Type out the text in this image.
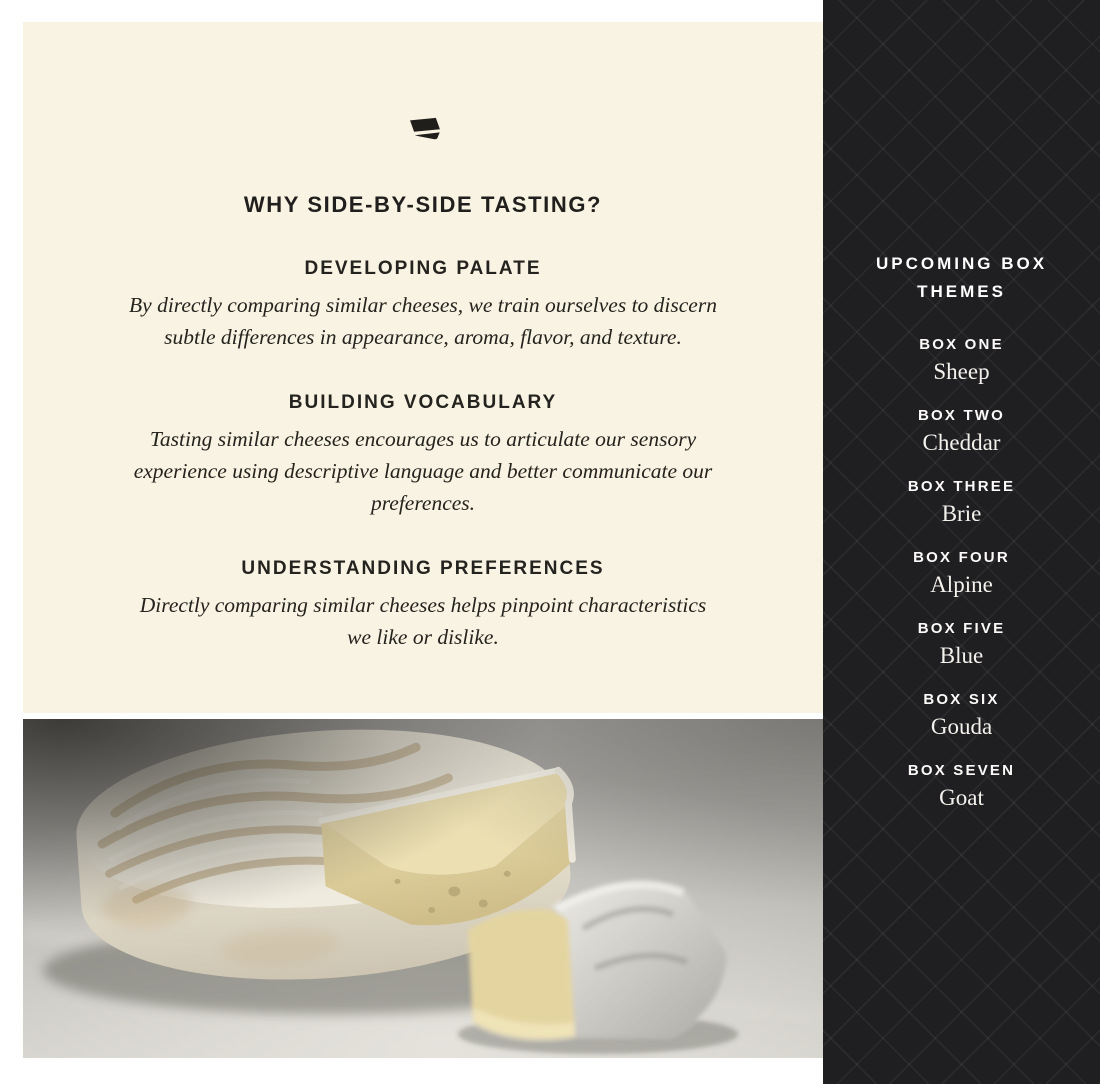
WHY SIDE-BY-SIDE TASTING?
DEVELOPING PALATE
By directly comparing similar cheeses, we train ourselves to discern subtle differences in appearance, aroma, flavor, and texture.
BUILDING VOCABULARY
Tasting similar cheeses encourages us to articulate our sensory experience using descriptive language and better communicate our preferences.
UNDERSTANDING PREFERENCES
Directly comparing similar cheeses helps pinpoint characteristics we like or dislike.
UPCOMING BOX THEMES
BOX ONE
Sheep
BOX TWO
Cheddar
BOX THREE
Brie
BOX FOUR
Alpine
BOX FIVE
Blue
BOX SIX
Gouda
BOX SEVEN
Goat
